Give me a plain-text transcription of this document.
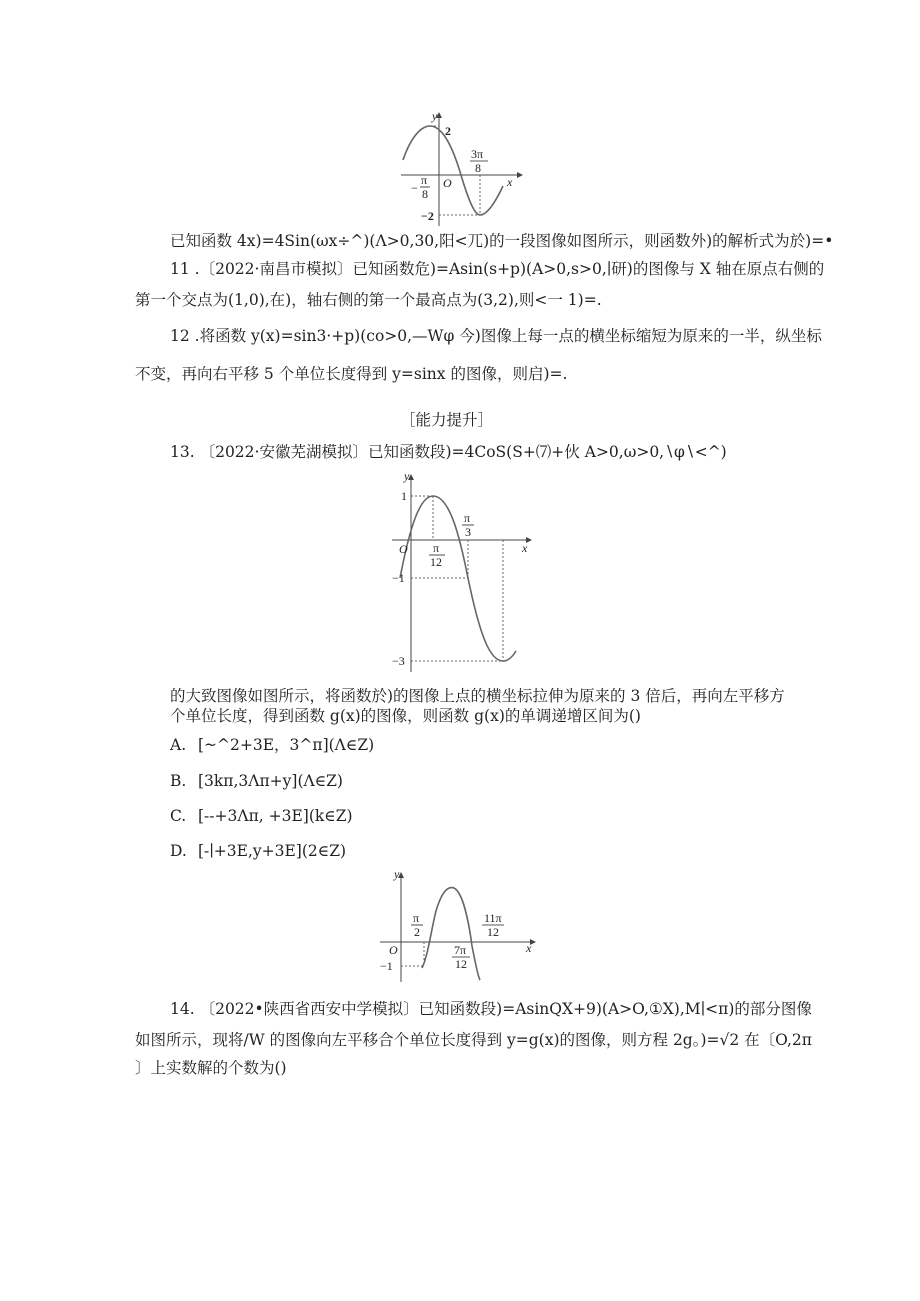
y
x
O
2
−2
−
π
8
3π
8
已知函数 4x)=4Sin(ωx÷^)(Λ>0,30,阳<兀)的一段图像如图所示，则函数外)的解析式为於)=•
11 .〔2022·南昌市模拟〕已知函数危)=Asin(s+p)(A>0,s>0,∣研)的图像与 X 轴在原点右侧的
第一个交点为(1,0),在)，轴右侧的第一个最高点为(3,2),则<一 1)=.
12 .将函数 y(x)=sin3·+p)(co>0,—Wφ 今)图像上每一点的横坐标缩短为原来的一半，纵坐标
不变，再向右平移 5 个单位长度得到 y=sinx 的图像，则启)=.
［能力提升］
13. 〔2022·安徽芜湖模拟〕已知函数段)=4CoS(S+⑺+伙 A>0,ω>0,∖φ∖<^)
y
x
O
1
−1
−3
π
12
π
3
的大致图像如图所示，将函数於)的图像上点的横坐标拉伸为原来的 3 倍后，再向左平移方
个单位长度，得到函数 g(x)的图像，则函数 g(x)的单调递增区间为()
A. [~^2+3E，3^π](Λ∈Z)
B. [3kπ,3Λπ+y](Λ∈Z)
C. [--+3Λπ, +3E](k∈Z)
D. [-∣+3E,y+3E](2∈Z)
y
x
O
−1
π
2
7π
12
11π
12
14. 〔2022•陕西省西安中学模拟〕已知函数段)=AsinQX+9)(A>O,①X),M∣<π)的部分图像
如图所示，现将/W 的图像向左平移合个单位长度得到 y=g(x)的图像，则方程 2g。)=√2 在〔O,2π
〕上实数解的个数为()
